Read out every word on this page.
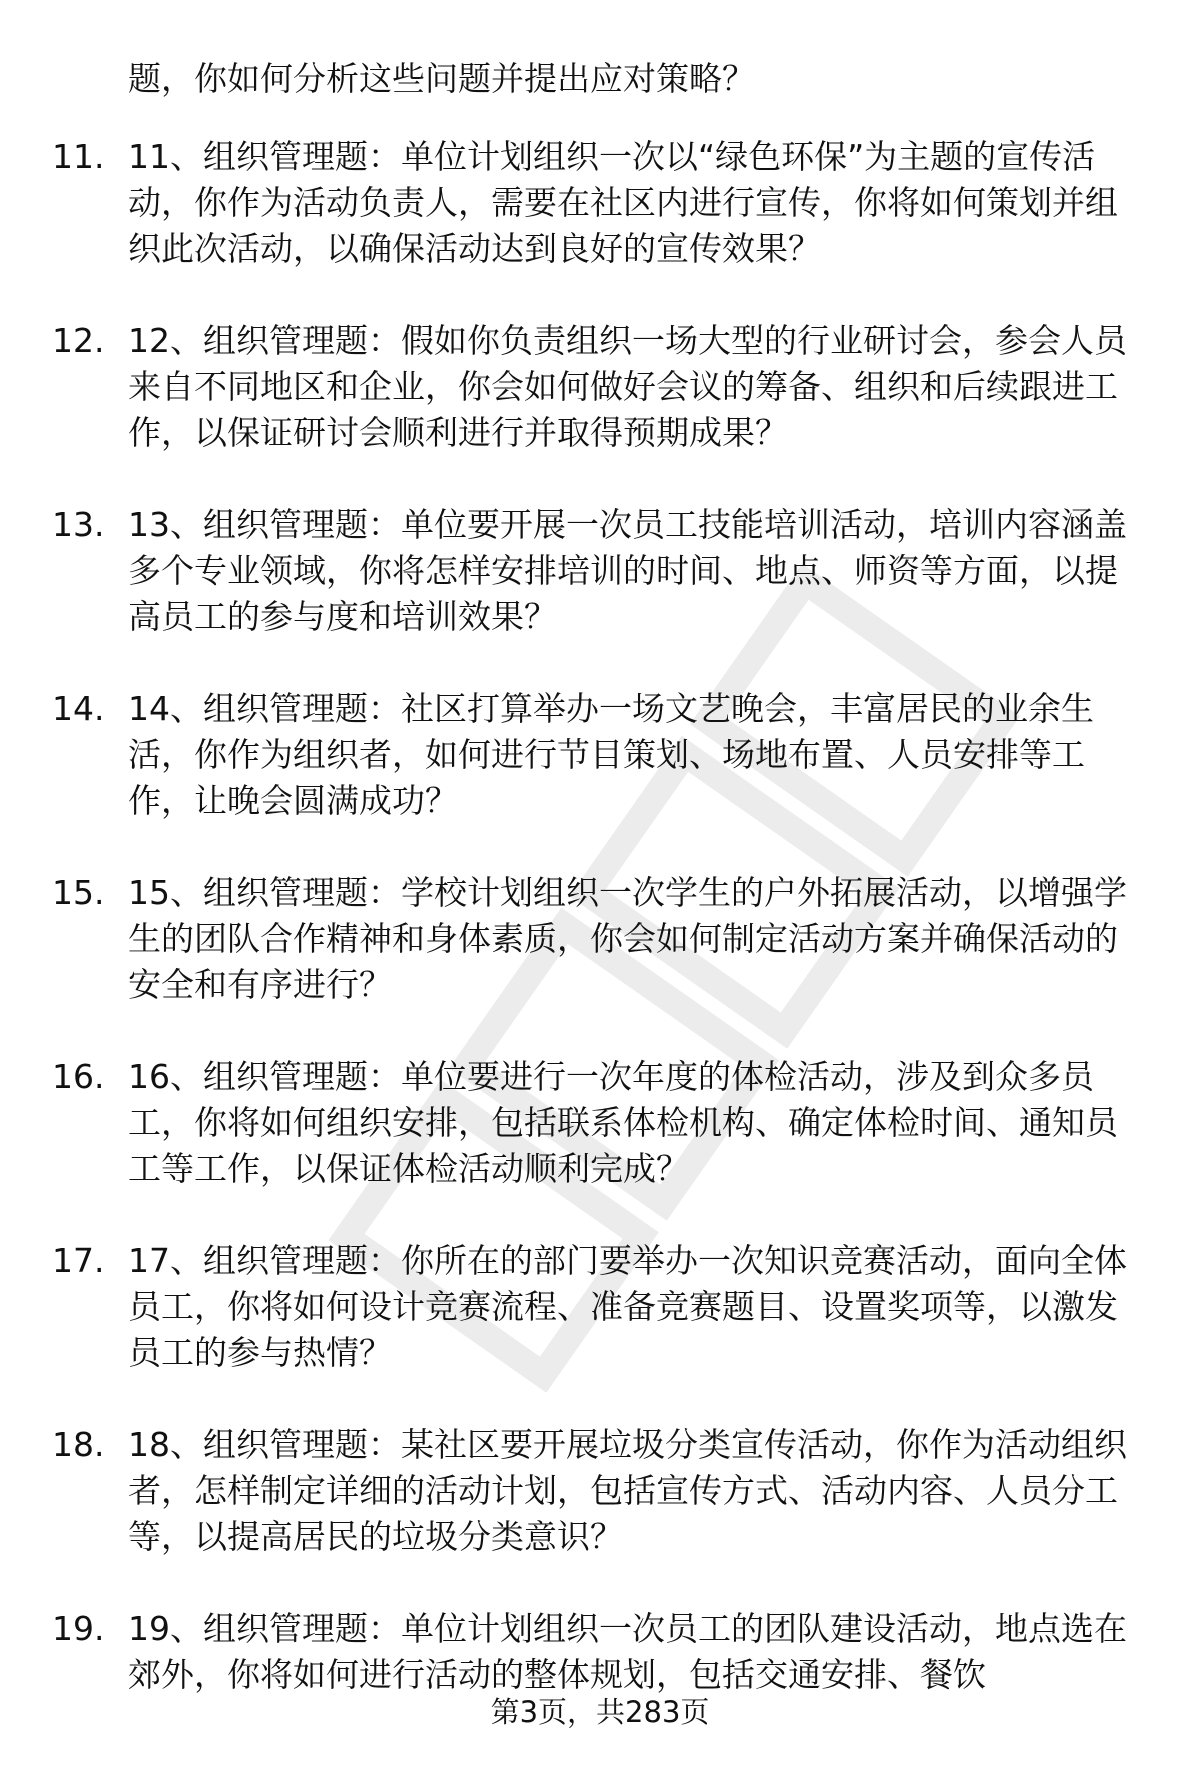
题，你如何分析这些问题并提出应对策略？

11. 11、组织管理题：单位计划组织一次以“绿色环保”为主题的宣传活动，你作为活动负责人，需要在社区内进行宣传，你将如何策划并组织此次活动，以确保活动达到良好的宣传效果？
12. 12、组织管理题：假如你负责组织一场大型的行业研讨会，参会人员来自不同地区和企业，你会如何做好会议的筹备、组织和后续跟进工作，以保证研讨会顺利进行并取得预期成果？
13. 13、组织管理题：单位要开展一次员工技能培训活动，培训内容涵盖多个专业领域，你将怎样安排培训的时间、地点、师资等方面，以提高员工的参与度和培训效果？
14. 14、组织管理题：社区打算举办一场文艺晚会，丰富居民的业余生活，你作为组织者，如何进行节目策划、场地布置、人员安排等工作，让晚会圆满成功？
15. 15、组织管理题：学校计划组织一次学生的户外拓展活动，以增强学生的团队合作精神和身体素质，你会如何制定活动方案并确保活动的安全和有序进行？
16. 16、组织管理题：单位要进行一次年度的体检活动，涉及到众多员工，你将如何组织安排，包括联系体检机构、确定体检时间、通知员工等工作，以保证体检活动顺利完成？
17. 17、组织管理题：你所在的部门要举办一次知识竞赛活动，面向全体员工，你将如何设计竞赛流程、准备竞赛题目、设置奖项等，以激发员工的参与热情？
18. 18、组织管理题：某社区要开展垃圾分类宣传活动，你作为活动组织者，怎样制定详细的活动计划，包括宣传方式、活动内容、人员分工等，以提高居民的垃圾分类意识？
19. 19、组织管理题：单位计划组织一次员工的团队建设活动，地点选在郊外，你将如何进行活动的整体规划，包括交通安排、餐饮
第3页，共283页
